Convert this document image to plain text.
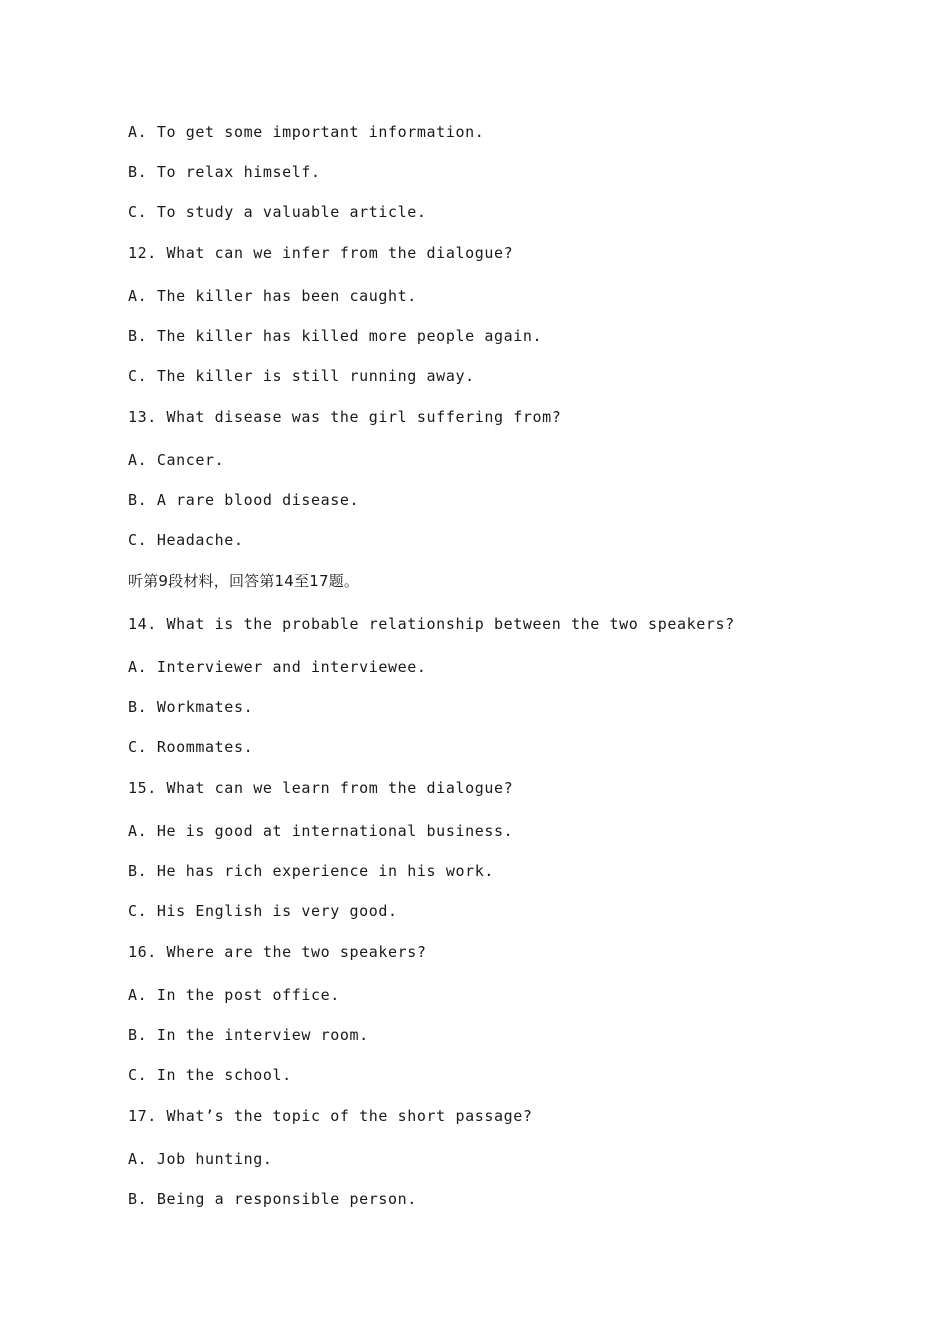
A. To get some important information.
B. To relax himself.
C. To study a valuable article.
12. What can we infer from the dialogue?
A. The killer has been caught.
B. The killer has killed more people again.
C. The killer is still running away.
13. What disease was the girl suffering from?
A. Cancer.
B. A rare blood disease.
C. Headache.
听第9段材料，回答第14至17题。
14. What is the probable relationship between the two speakers?
A. Interviewer and interviewee.
B. Workmates.
C. Roommates.
15. What can we learn from the dialogue?
A. He is good at international business.
B. He has rich experience in his work.
C. His English is very good.
16. Where are the two speakers?
A. In the post office.
B. In the interview room.
C. In the school.
17. What’s the topic of the short passage?
A. Job hunting.
B. Being a responsible person.
